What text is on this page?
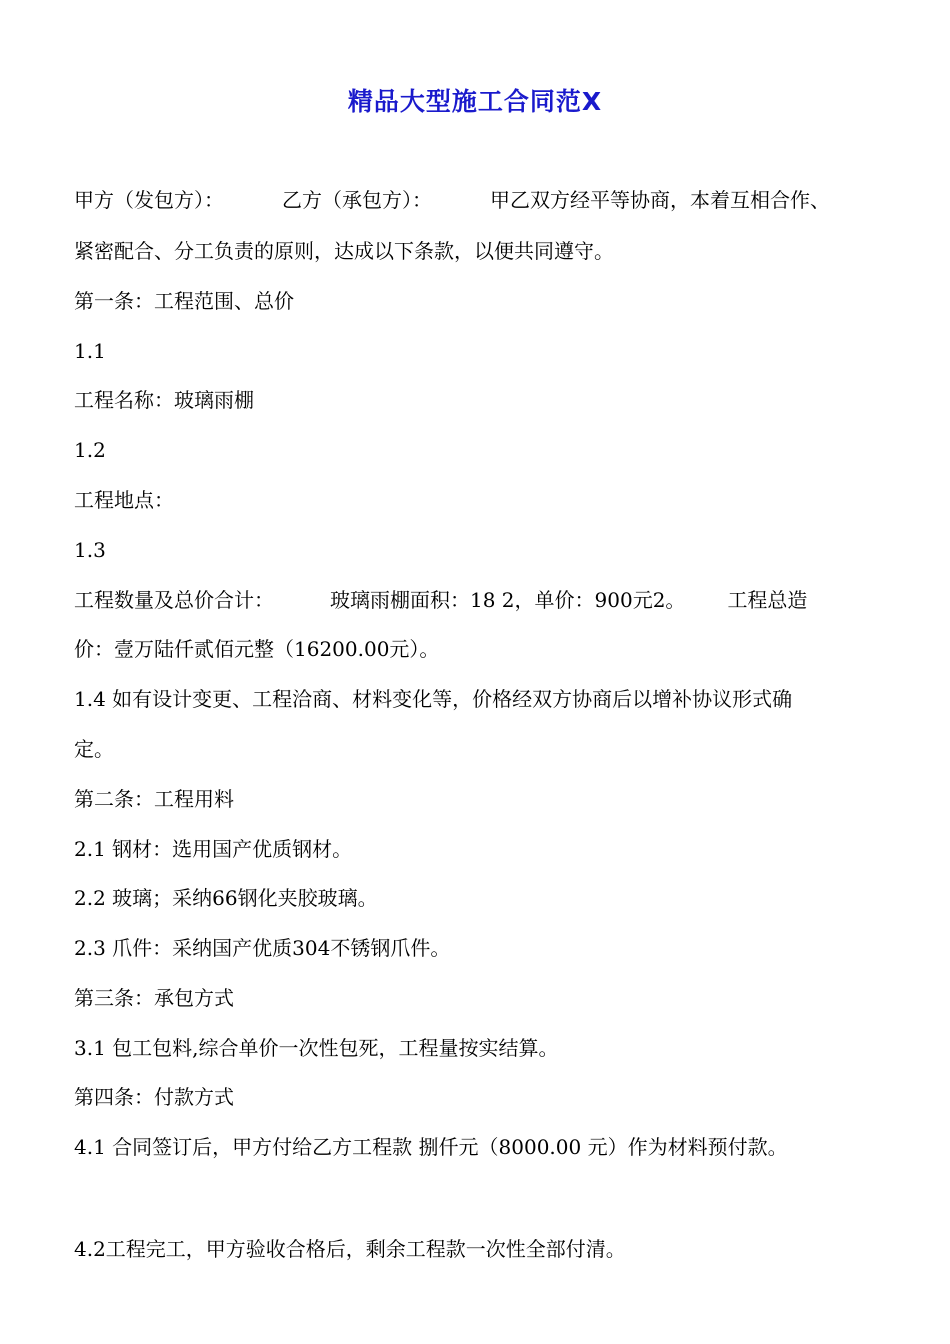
精品大型施工合同范X
甲方（发包方）：	乙方（承包方）：	甲乙双方经平等协商，本着互相合作、
紧密配合、分工负责的原则，达成以下条款，以便共同遵守。
第一条：工程范围、总价
1.1
工程名称：玻璃雨棚
1.2
工程地点：
1.3
工程数量及总价合计：	玻璃雨棚面积：18 2，单价：900元2。 工程总造
价：壹万陆仟贰佰元整（16200.00元）。
1.4 如有设计变更、工程洽商、材料变化等，价格经双方协商后以增补协议形式确
定。
第二条：工程用料
2.1 钢材：选用国产优质钢材。
2.2 玻璃；采纳66钢化夹胶玻璃。
2.3 爪件：采纳国产优质304不锈钢爪件。
第三条：承包方式
3.1 包工包料,综合单价一次性包死，工程量按实结算。
第四条：付款方式
4.1 合同签订后，甲方付给乙方工程款 捌仟元（8000.00 元）作为材料预付款。
4.2工程完工，甲方验收合格后，剩余工程款一次性全部付清。
